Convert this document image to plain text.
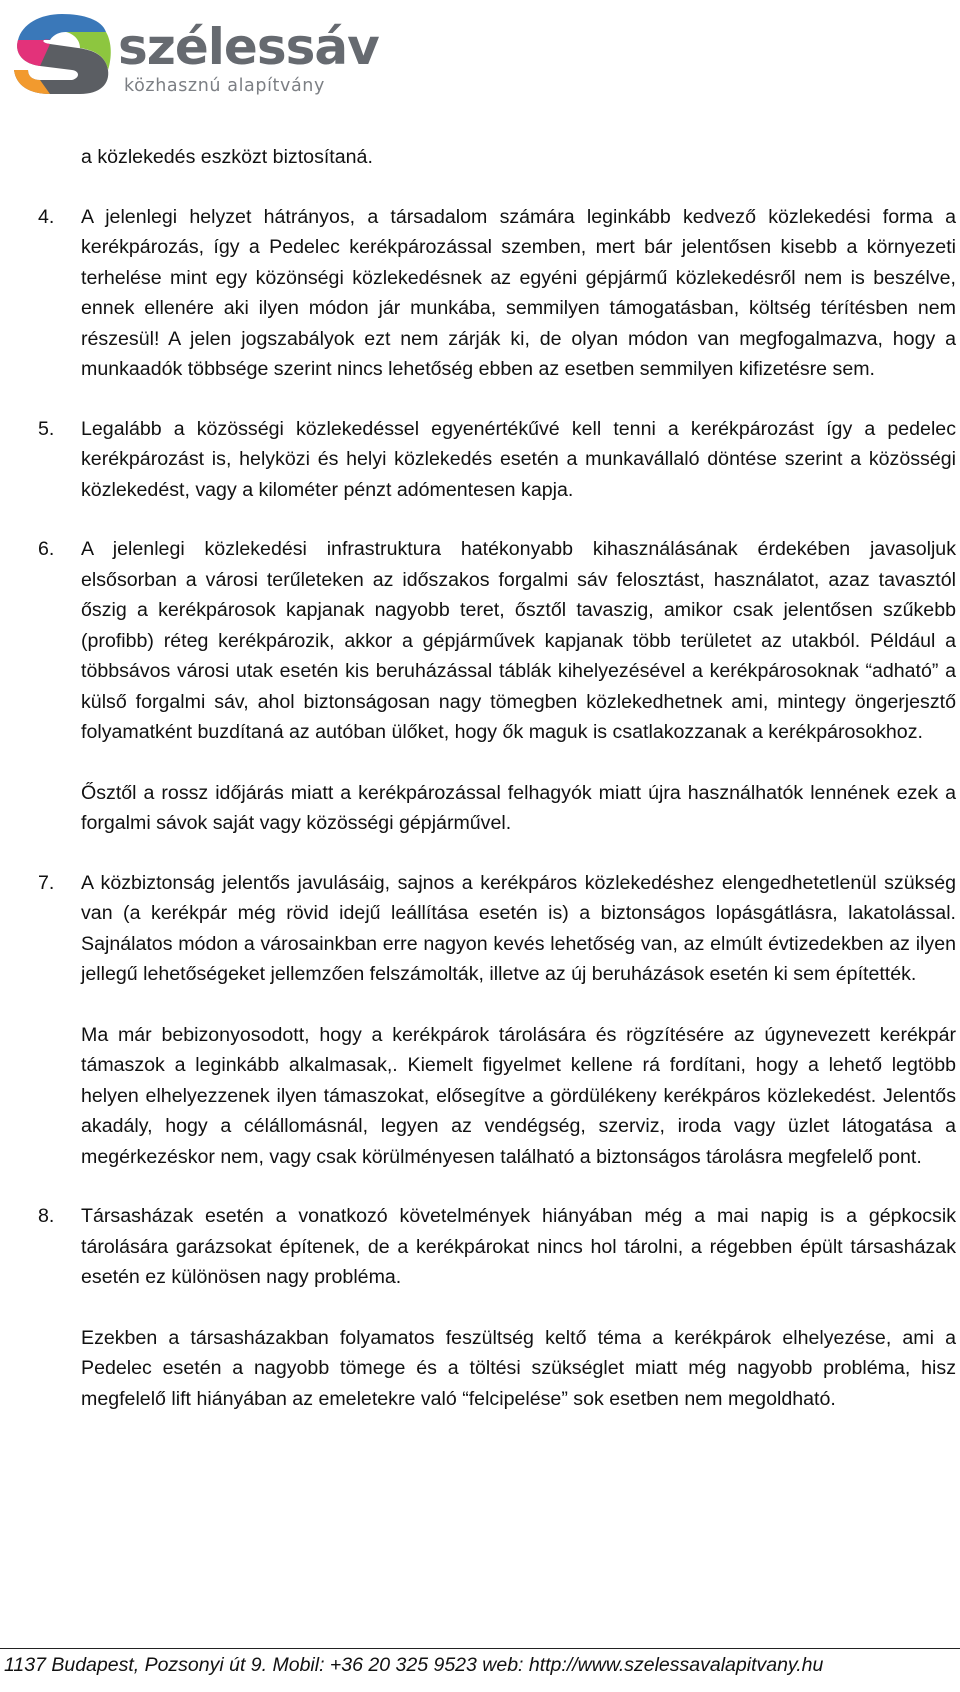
szélessáv
közhasznú alapítvány

a közlekedés eszközt biztosítaná.

4.	A jelenlegi helyzet hátrányos, a társadalom számára leginkább kedvező közlekedési forma a kerékpározás, így a Pedelec kerékpározással szemben, mert bár jelentősen kisebb a környezeti terhelése mint egy közönségi közlekedésnek az egyéni gépjármű közlekedésről nem is beszélve, ennek ellenére aki ilyen módon jár munkába, semmilyen támogatásban, költség térítésben nem részesül! A jelen jogszabályok ezt nem zárják ki, de olyan módon van megfogalmazva, hogy a munkaadók többsége szerint nincs lehetőség ebben az esetben semmilyen kifizetésre sem.

5.	Legalább a közösségi közlekedéssel egyenértékűvé kell tenni a kerékpározást így a pedelec kerékpározást is, helyközi és helyi közlekedés esetén a munkavállaló döntése szerint a közösségi közlekedést, vagy a kilométer pénzt adómentesen kapja.

6.	A jelenlegi közlekedési infrastruktura hatékonyabb kihasználásának érdekében javasoljuk elsősorban a városi terűleteken az időszakos forgalmi sáv felosztást, használatot, azaz tavasztól őszig a kerékpárosok kapjanak nagyobb teret, ősztől tavaszig, amikor csak jelentősen szűkebb (profibb) réteg kerékpározik, akkor a gépjárművek kapjanak több területet az utakból. Például a többsávos városi utak esetén kis beruházással táblák kihelyezésével a kerékpárosoknak “adható” a külső forgalmi sáv, ahol biztonságosan nagy tömegben közlekedhetnek ami, mintegy öngerjesztő folyamatként buzdítaná az autóban ülőket, hogy ők maguk is csatlakozzanak a kerékpárosokhoz.

Ősztől a rossz időjárás miatt a kerékpározással felhagyók miatt újra használhatók lennének ezek a forgalmi sávok saját vagy közösségi gépjárművel.

7.	A közbiztonság jelentős javulásáig, sajnos a kerékpáros közlekedéshez elengedhetetlenül szükség van (a kerékpár még rövid idejű leállítása esetén is) a biztonságos lopásgátlásra, lakatolással. Sajnálatos módon a városainkban erre nagyon kevés lehetőség van, az elmúlt évtizedekben az ilyen jellegű lehetőségeket jellemzően felszámolták, illetve az új beruházások esetén ki sem építették.

Ma már bebizonyosodott, hogy a kerékpárok tárolására és rögzítésére az úgynevezett kerékpár támaszok a leginkább alkalmasak,. Kiemelt figyelmet kellene rá fordítani, hogy a lehető legtöbb helyen elhelyezzenek ilyen támaszokat, elősegítve a gördülékeny kerékpáros közlekedést. Jelentős akadály, hogy a célállomásnál, legyen az vendégség, szerviz, iroda vagy üzlet látogatása a megérkezéskor nem, vagy csak körülményesen található a biztonságos tárolásra megfelelő pont.

8.	Társasházak esetén a vonatkozó követelmények hiányában még a mai napig is a gépkocsik tárolására garázsokat építenek, de a kerékpárokat nincs hol tárolni, a régebben épült társasházak esetén ez különösen nagy probléma.

Ezekben a társasházakban folyamatos feszültség keltő téma a kerékpárok elhelyezése, ami a Pedelec esetén a nagyobb tömege és a töltési szükséglet miatt még nagyobb probléma, hisz megfelelő lift hiányában az emeletekre való “felcipelése” sok esetben nem megoldható.

1137 Budapest, Pozsonyi út 9. Mobil: +36 20 325 9523 web: http://www.szelessavalapitvany.hu
